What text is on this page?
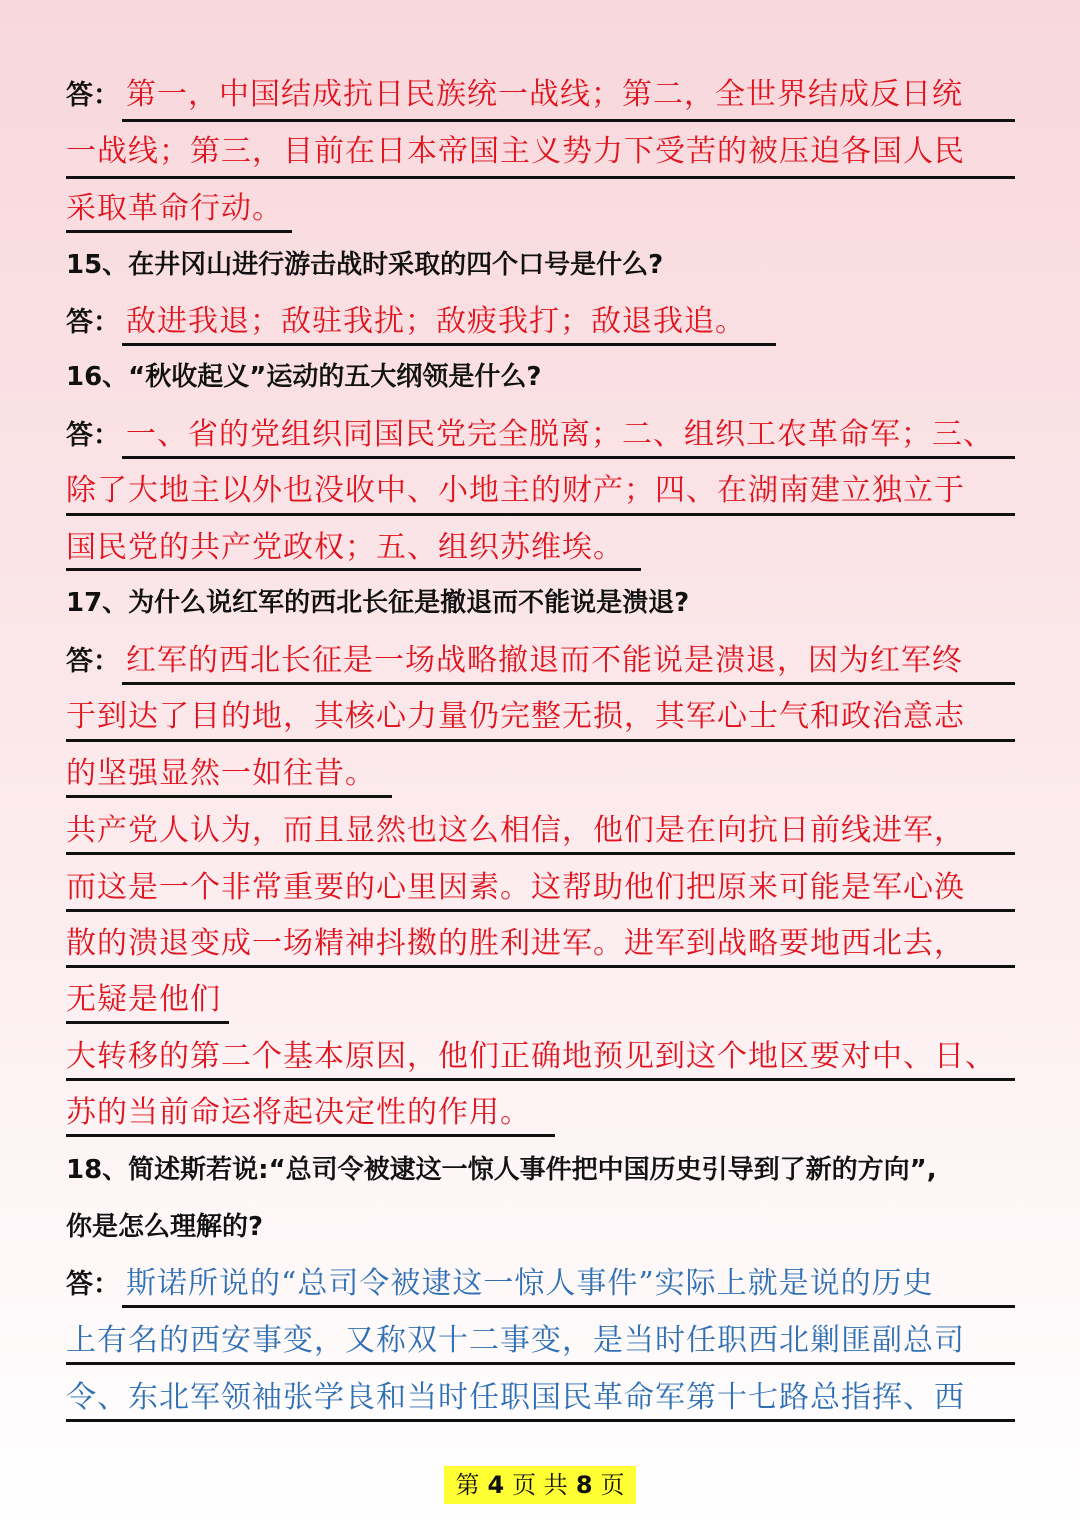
答： 第一，中国结成抗日民族统一战线；第二，全世界结成反日统
一战线；第三，目前在日本帝国主义势力下受苦的被压迫各国人民
采取革命行动。
15、在井冈山进行游击战时采取的四个口号是什么?
答： 敌进我退；敌驻我扰；敌疲我打；敌退我追。
16、“秋收起义”运动的五大纲领是什么?
答： 一、省的党组织同国民党完全脱离；二、组织工农革命军；三、
除了大地主以外也没收中、小地主的财产；四、在湖南建立独立于
国民党的共产党政权；五、组织苏维埃。
17、为什么说红军的西北长征是撤退而不能说是溃退?
答： 红军的西北长征是一场战略撤退而不能说是溃退，因为红军终
于到达了目的地，其核心力量仍完整无损，其军心士气和政治意志
的坚强显然一如往昔。
共产党人认为，而且显然也这么相信，他们是在向抗日前线进军，
而这是一个非常重要的心里因素。这帮助他们把原来可能是军心涣
散的溃退变成一场精神抖擞的胜利进军。进军到战略要地西北去，
无疑是他们
大转移的第二个基本原因，他们正确地预见到这个地区要对中、日、
苏的当前命运将起决定性的作用。
18、简述斯若说:“总司令被逮这一惊人事件把中国历史引导到了新的方向”,
你是怎么理解的?
答： 斯诺所说的“总司令被逮这一惊人事件”实际上就是说的历史
上有名的西安事变，又称双十二事变，是当时任职西北剿匪副总司
令、东北军领袖张学良和当时任职国民革命军第十七路总指挥、西
第 4 页 共 8 页
